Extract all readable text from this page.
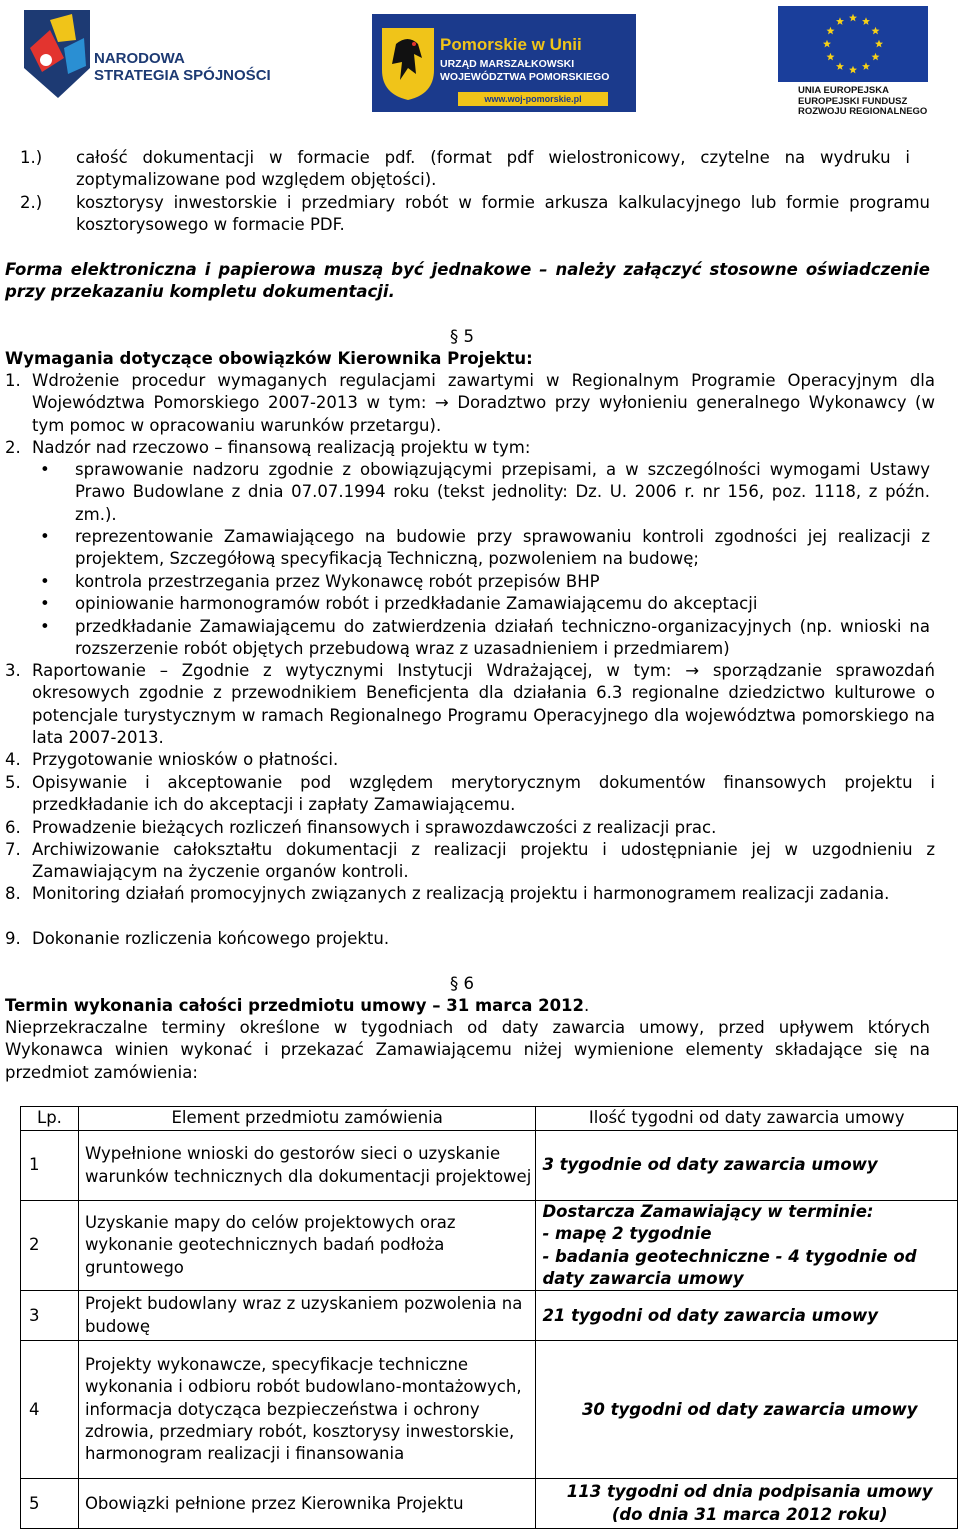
NARODOWA
STRATEGIA SPÓJNOŚCI
Pomorskie w Unii
URZĄD MARSZAŁKOWSKI
WOJEWÓDZTWA POMORSKIEGO
www.woj-pomorskie.pl
UNIA EUROPEJSKA
EUROPEJSKI FUNDUSZ
ROZWOJU REGIONALNEGO
1.) całość dokumentacji w formacie pdf. (format pdf wielostronicowy, czytelne na wydruku i zoptymalizowane pod względem objętości).
2.) kosztorysy inwestorskie i przedmiary robót w formie arkusza kalkulacyjnego lub formie programu kosztorysowego w formacie PDF.
Forma elektroniczna i papierowa muszą być jednakowe – należy załączyć stosowne oświadczenie przy przekazaniu kompletu dokumentacji.
§ 5
Wymagania dotyczące obowiązków Kierownika Projektu:
1. Wdrożenie procedur wymaganych regulacjami zawartymi w Regionalnym Programie Operacyjnym dla Województwa Pomorskiego 2007-2013 w tym: → Doradztwo przy wyłonieniu generalnego Wykonawcy (w tym pomoc w opracowaniu warunków przetargu).
2. Nadzór nad rzeczowo – finansową realizacją projektu w tym:
• sprawowanie nadzoru zgodnie z obowiązującymi przepisami, a w szczególności wymogami Ustawy Prawo Budowlane z dnia 07.07.1994 roku (tekst jednolity: Dz. U. 2006 r. nr 156, poz. 1118, z późn. zm.).
• reprezentowanie Zamawiającego na budowie przy sprawowaniu kontroli zgodności jej realizacji z projektem, Szczegółową specyfikacją Techniczną, pozwoleniem na budowę;
• kontrola przestrzegania przez Wykonawcę robót przepisów BHP
• opiniowanie harmonogramów robót i przedkładanie Zamawiającemu do akceptacji
• przedkładanie Zamawiającemu do zatwierdzenia działań techniczno-organizacyjnych (np. wnioski na rozszerzenie robót objętych przebudową wraz z uzasadnieniem i przedmiarem)
3. Raportowanie – Zgodnie z wytycznymi Instytucji Wdrażającej, w tym: → sporządzanie sprawozdań okresowych zgodnie z przewodnikiem Beneficjenta dla działania 6.3 regionalne dziedzictwo kulturowe o potencjale turystycznym w ramach Regionalnego Programu Operacyjnego dla województwa pomorskiego na lata 2007-2013.
4. Przygotowanie wniosków o płatności.
5. Opisywanie i akceptowanie pod względem merytorycznym dokumentów finansowych projektu i przedkładanie ich do akceptacji i zapłaty Zamawiającemu.
6. Prowadzenie bieżących rozliczeń finansowych i sprawozdawczości z realizacji prac.
7. Archiwizowanie całokształtu dokumentacji z realizacji projektu i udostępnianie jej w uzgodnieniu z Zamawiającym na życzenie organów kontroli.
8. Monitoring działań promocyjnych związanych z realizacją projektu i harmonogramem realizacji zadania.
9. Dokonanie rozliczenia końcowego projektu.
§ 6
Termin wykonania całości przedmiotu umowy – 31 marca 2012.
Nieprzekraczalne terminy określone w tygodniach od daty zawarcia umowy, przed upływem których Wykonawca winien wykonać i przekazać Zamawiającemu niżej wymienione elementy składające się na przedmiot zamówienia:
Lp.	Element przedmiotu zamówienia	Ilość tygodni od daty zawarcia umowy
1	Wypełnione wnioski do gestorów sieci o uzyskanie warunków technicznych dla dokumentacji projektowej	3 tygodnie od daty zawarcia umowy
2	Uzyskanie mapy do celów projektowych oraz wykonanie geotechnicznych badań podłoża gruntowego	Dostarcza Zamawiający w terminie:
- mapę 2 tygodnie
- badania geotechniczne - 4 tygodnie od daty zawarcia umowy

3	Projekt budowlany wraz z uzyskaniem pozwolenia na budowę	21 tygodni od daty zawarcia umowy
4	Projekty wykonawcze, specyfikacje techniczne wykonania i odbioru robót budowlano-montażowych, informacja dotycząca bezpieczeństwa i ochrony zdrowia, przedmiary robót, kosztorysy inwestorskie, harmonogram realizacji i finansowania	30 tygodni od daty zawarcia umowy
5	Obowiązki pełnione przez Kierownika Projektu	113 tygodni od dnia podpisania umowy
(do dnia 31 marca 2012 roku)
